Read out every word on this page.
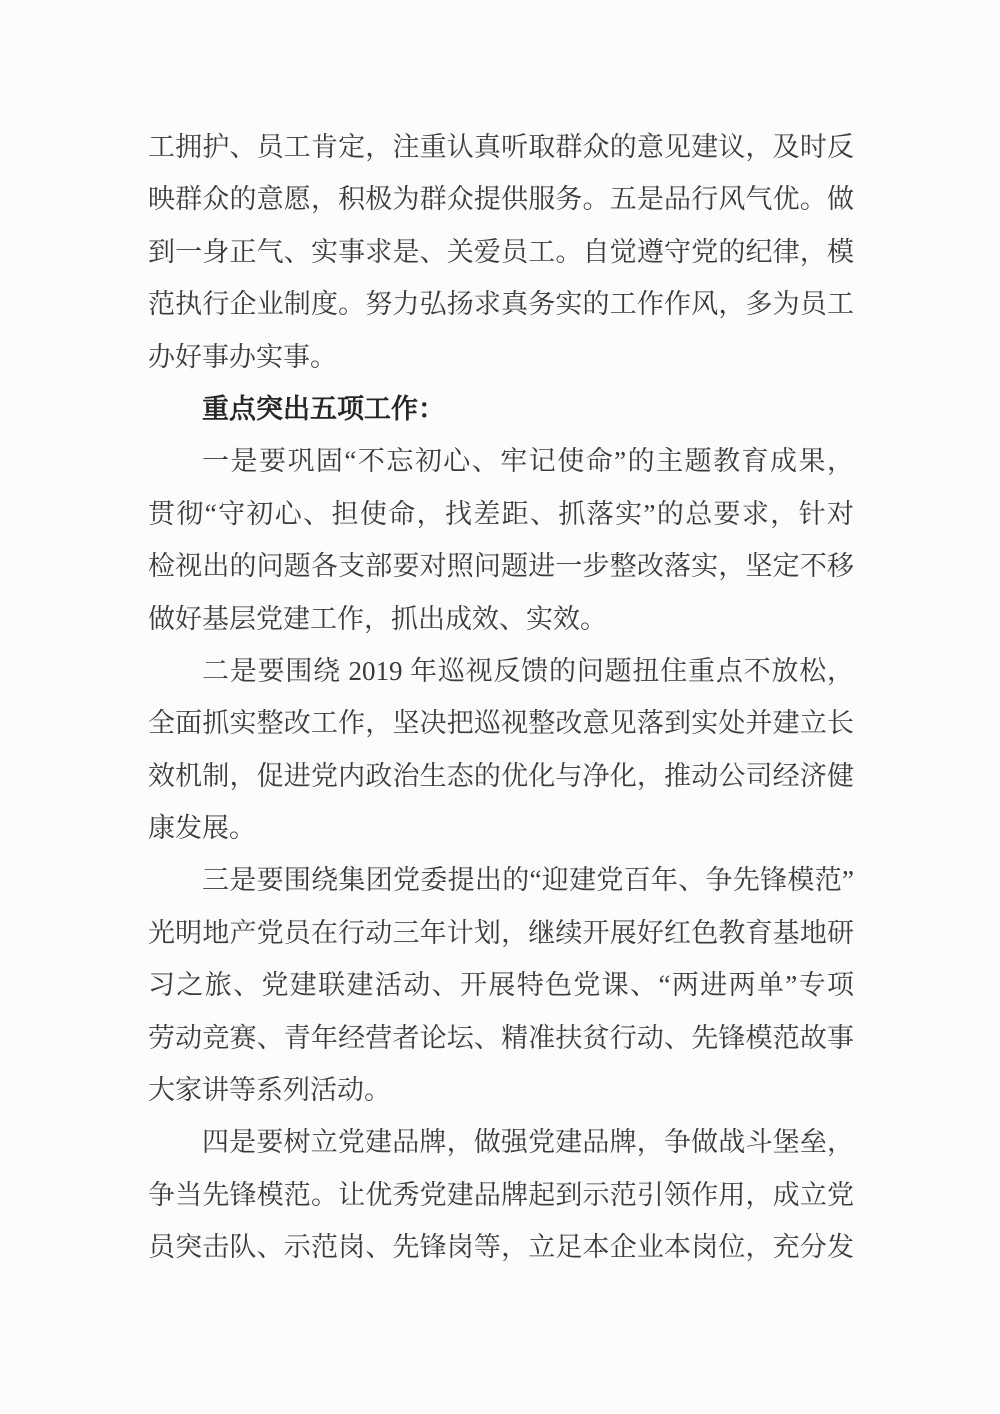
工拥护、员工肯定，注重认真听取群众的意见建议，及时反
映群众的意愿，积极为群众提供服务。五是品行风气优。做
到一身正气、实事求是、关爱员工。自觉遵守党的纪律，模
范执行企业制度。努力弘扬求真务实的工作作风，多为员工
办好事办实事。
重点突出五项工作：
一是要巩固“不忘初心、牢记使命”的主题教育成果，
贯彻“守初心、担使命，找差距、抓落实”的总要求，针对
检视出的问题各支部要对照问题进一步整改落实，坚定不移
做好基层党建工作，抓出成效、实效。
二是要围绕 2019 年巡视反馈的问题扭住重点不放松，
全面抓实整改工作，坚决把巡视整改意见落到实处并建立长
效机制，促进党内政治生态的优化与净化，推动公司经济健
康发展。
三是要围绕集团党委提出的“迎建党百年、争先锋模范”
光明地产党员在行动三年计划，继续开展好红色教育基地研
习之旅、党建联建活动、开展特色党课、“两进两单”专项
劳动竞赛、青年经营者论坛、精准扶贫行动、先锋模范故事
大家讲等系列活动。
四是要树立党建品牌，做强党建品牌，争做战斗堡垒，
争当先锋模范。让优秀党建品牌起到示范引领作用，成立党
员突击队、示范岗、先锋岗等，立足本企业本岗位，充分发
